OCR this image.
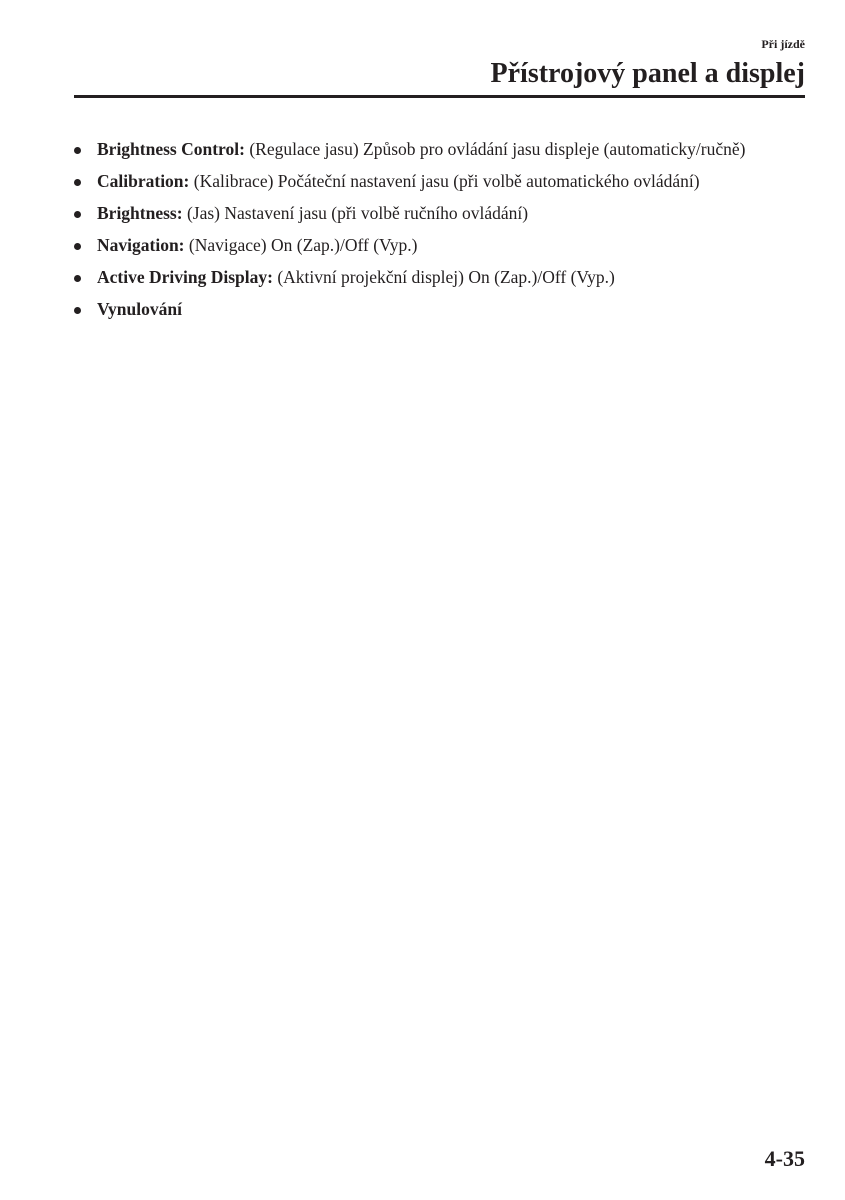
Při jízdě
Přístrojový panel a displej
Brightness Control: (Regulace jasu) Způsob pro ovládání jasu displeje (automaticky/ručně)
Calibration: (Kalibrace) Počáteční nastavení jasu (při volbě automatického ovládání)
Brightness: (Jas) Nastavení jasu (při volbě ručního ovládání)
Navigation: (Navigace) On (Zap.)/Off (Vyp.)
Active Driving Display: (Aktivní projekční displej) On (Zap.)/Off (Vyp.)
Vynulování
4-35
